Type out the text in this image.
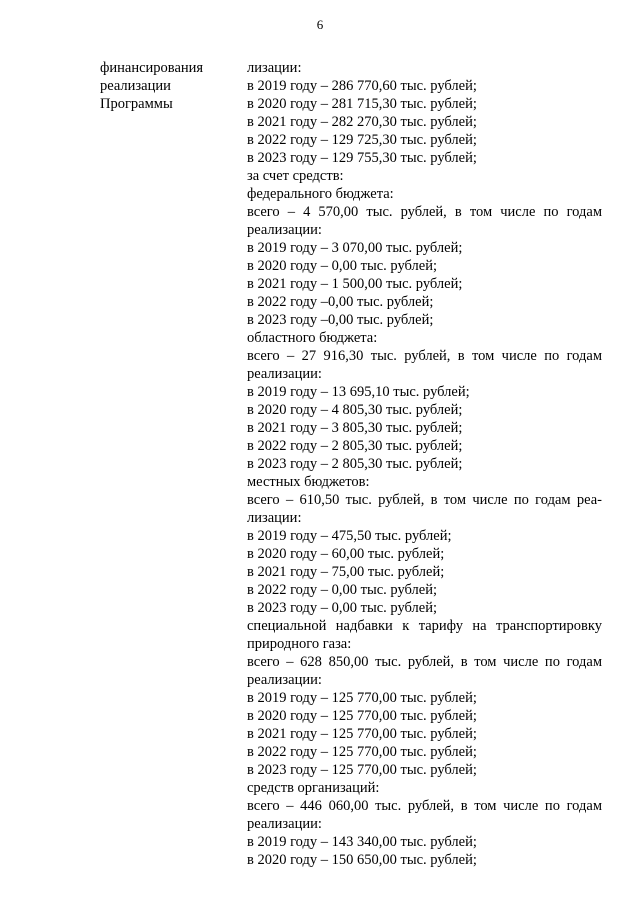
6
финансирования
реализации
Программы
лизации:
в 2019 году – 286 770,60 тыс. рублей;
в 2020 году – 281 715,30 тыс. рублей;
в 2021 году – 282 270,30 тыс. рублей;
в 2022 году – 129 725,30 тыс. рублей;
в 2023 году – 129 755,30 тыс. рублей;
за счет средств:
федерального бюджета:
всего – 4 570,00 тыс. рублей, в том числе по годам
реализации:
в 2019 году – 3 070,00 тыс. рублей;
в 2020 году – 0,00 тыс. рублей;
в 2021 году – 1 500,00 тыс. рублей;
в 2022 году –0,00 тыс. рублей;
в 2023 году –0,00 тыс. рублей;
областного бюджета:
всего – 27 916,30 тыс. рублей, в том числе по годам
реализации:
в 2019 году – 13 695,10 тыс. рублей;
в 2020 году – 4 805,30 тыс. рублей;
в 2021 году – 3 805,30 тыс. рублей;
в 2022 году – 2 805,30 тыс. рублей;
в 2023 году – 2 805,30 тыс. рублей;
местных бюджетов:
всего – 610,50 тыс. рублей, в том числе по годам реа-
лизации:
в 2019 году – 475,50 тыс. рублей;
в 2020 году – 60,00 тыс. рублей;
в 2021 году – 75,00 тыс. рублей;
в 2022 году – 0,00 тыс. рублей;
в 2023 году – 0,00 тыс. рублей;
специальной надбавки к тарифу на транспортировку
природного газа:
всего – 628 850,00 тыс. рублей, в том числе по годам
реализации:
в 2019 году – 125 770,00 тыс. рублей;
в 2020 году – 125 770,00 тыс. рублей;
в 2021 году – 125 770,00 тыс. рублей;
в 2022 году – 125 770,00 тыс. рублей;
в 2023 году – 125 770,00 тыс. рублей;
средств организаций:
всего – 446 060,00 тыс. рублей, в том числе по годам
реализации:
в 2019 году – 143 340,00 тыс. рублей;
в 2020 году – 150 650,00 тыс. рублей;
